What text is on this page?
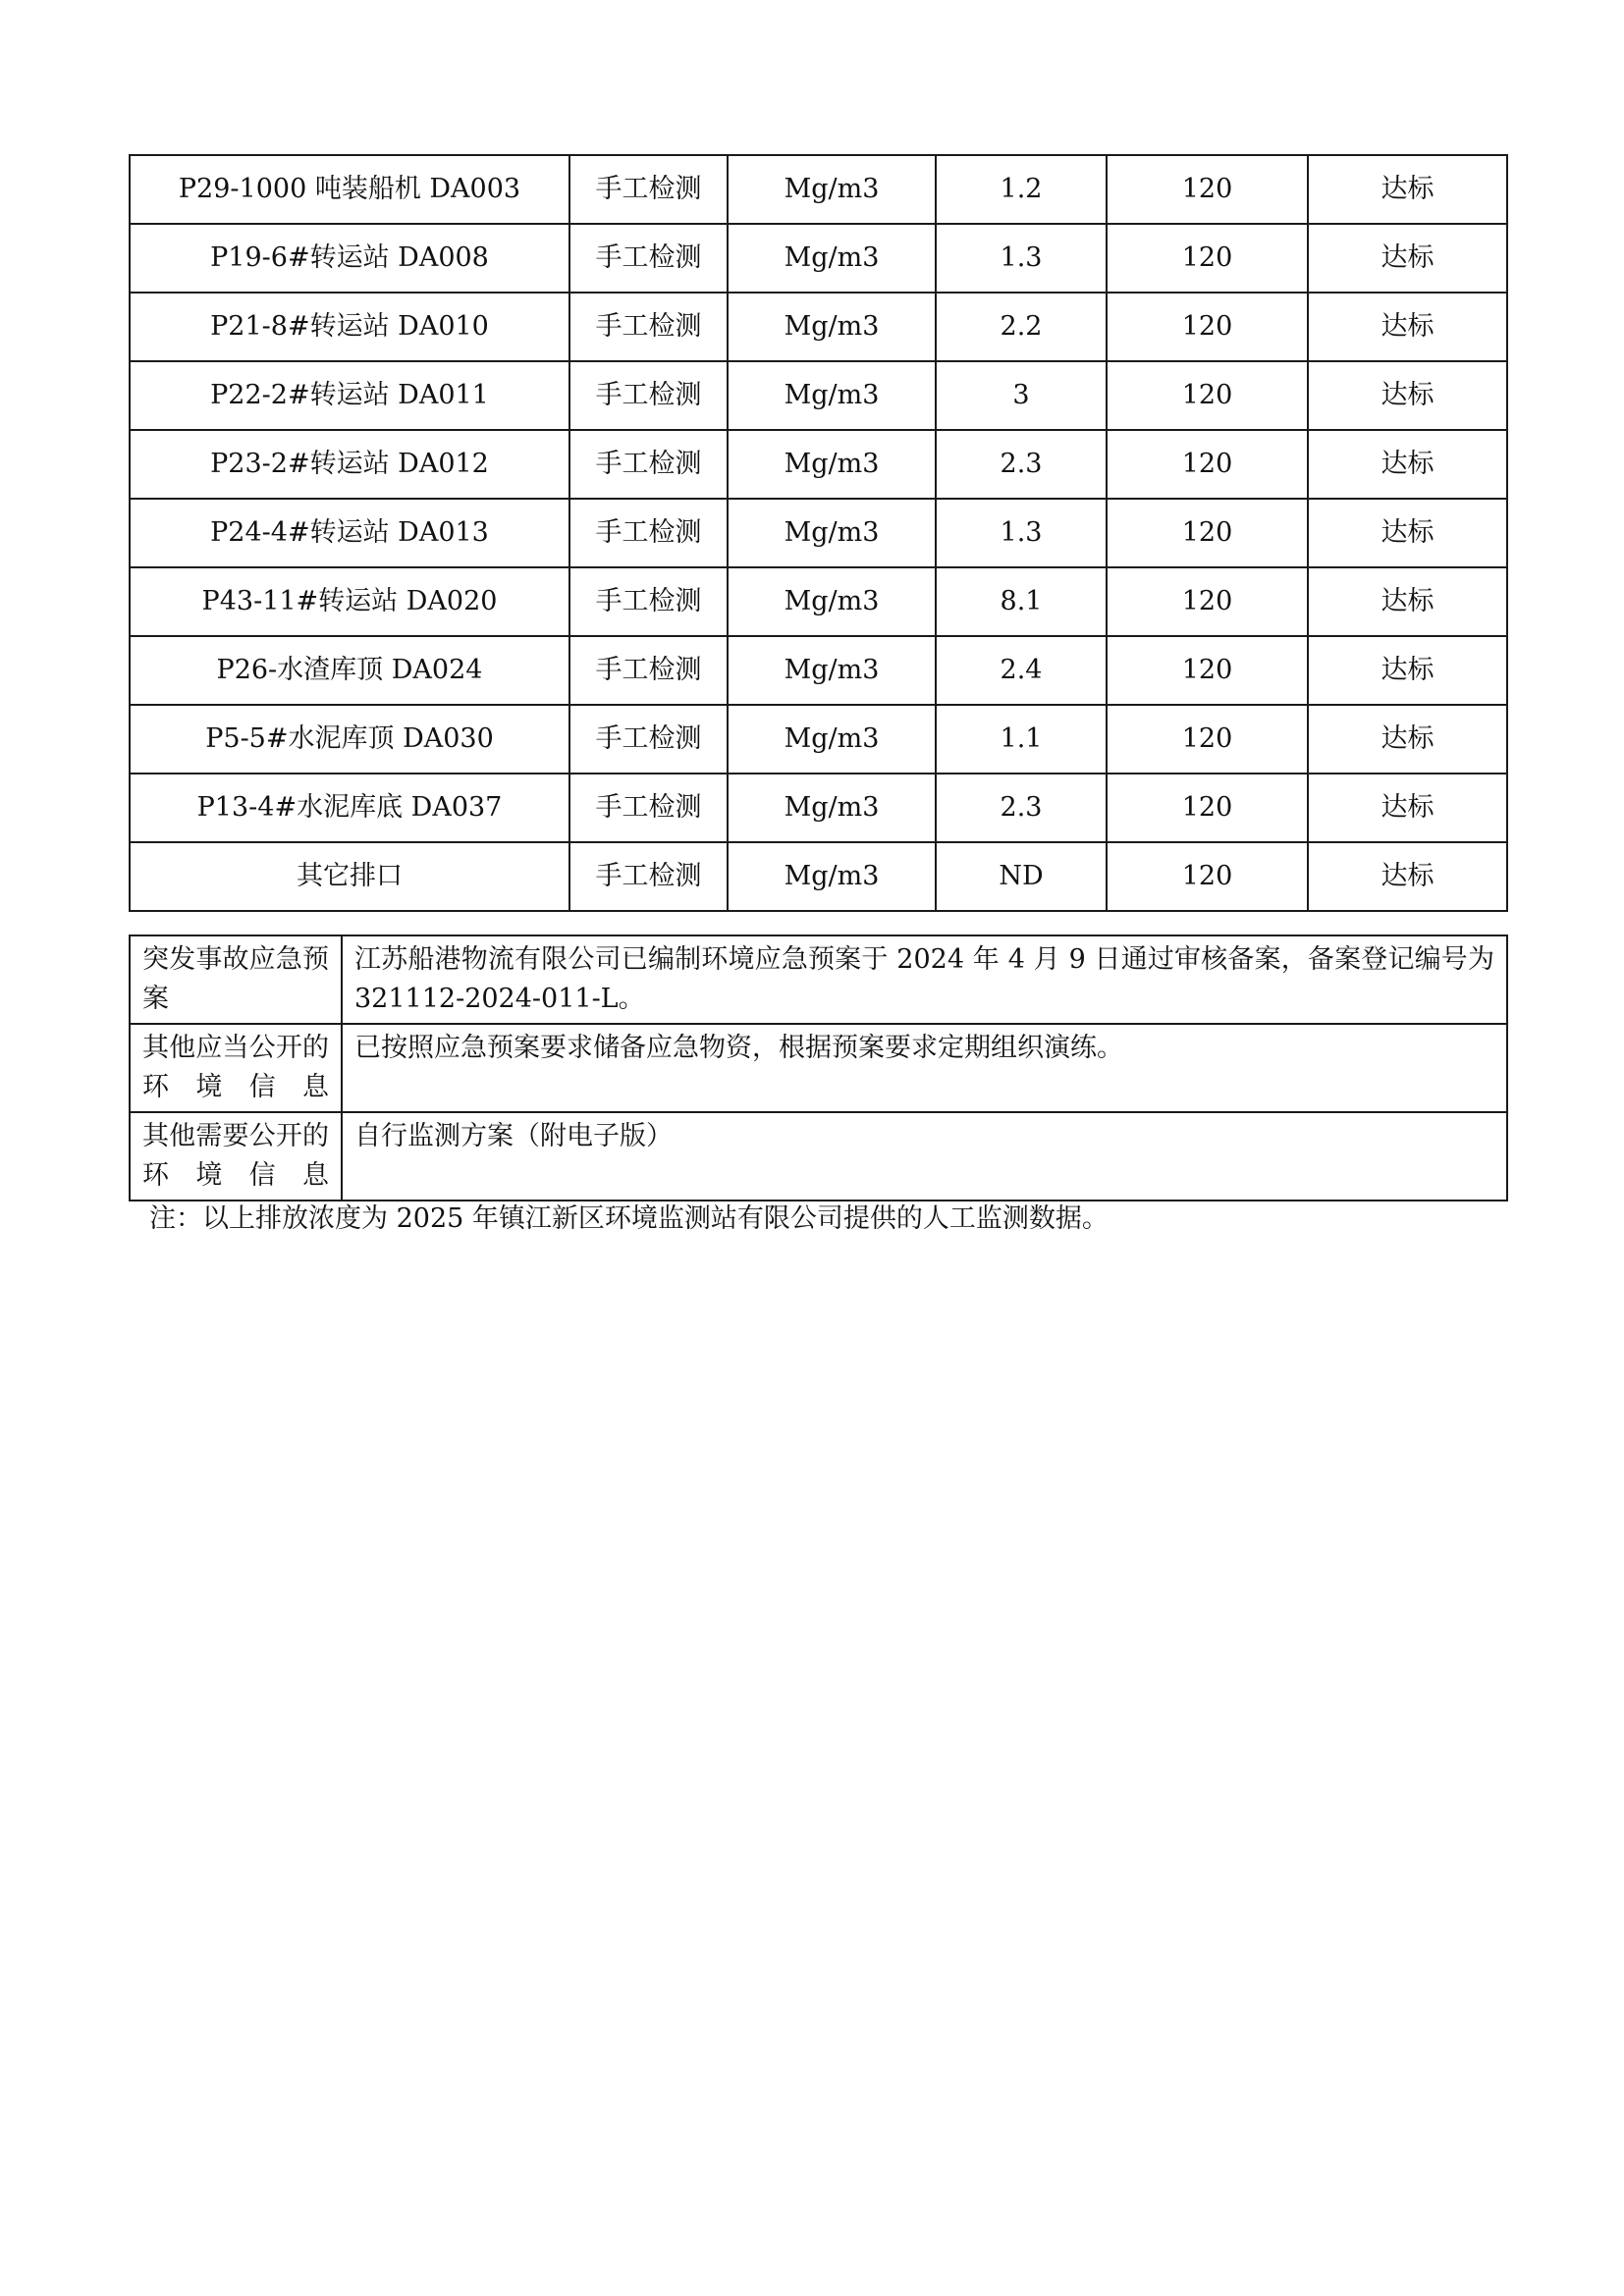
P29-1000 吨装船机 DA003	手工检测	Mg/m3	1.2	120	达标
P19-6#转运站 DA008	手工检测	Mg/m3	1.3	120	达标
P21-8#转运站 DA010	手工检测	Mg/m3	2.2	120	达标
P22-2#转运站 DA011	手工检测	Mg/m3	3	120	达标
P23-2#转运站 DA012	手工检测	Mg/m3	2.3	120	达标
P24-4#转运站 DA013	手工检测	Mg/m3	1.3	120	达标
P43-11#转运站 DA020	手工检测	Mg/m3	8.1	120	达标
P26-水渣库顶 DA024	手工检测	Mg/m3	2.4	120	达标
P5-5#水泥库顶 DA030	手工检测	Mg/m3	1.1	120	达标
P13-4#水泥库底 DA037	手工检测	Mg/m3	2.3	120	达标
其它排口	手工检测	Mg/m3	ND	120	达标
突发事故应急预案	江苏船港物流有限公司已编制环境应急预案于 2024 年 4 月 9 日通过审核备案，备案登记编号为 321112-2024-011-L。
其他应当公开的环境信息	已按照应急预案要求储备应急物资，根据预案要求定期组织演练。
其他需要公开的环境信息	自行监测方案（附电子版）
注：以上排放浓度为 2025 年镇江新区环境监测站有限公司提供的人工监测数据。
